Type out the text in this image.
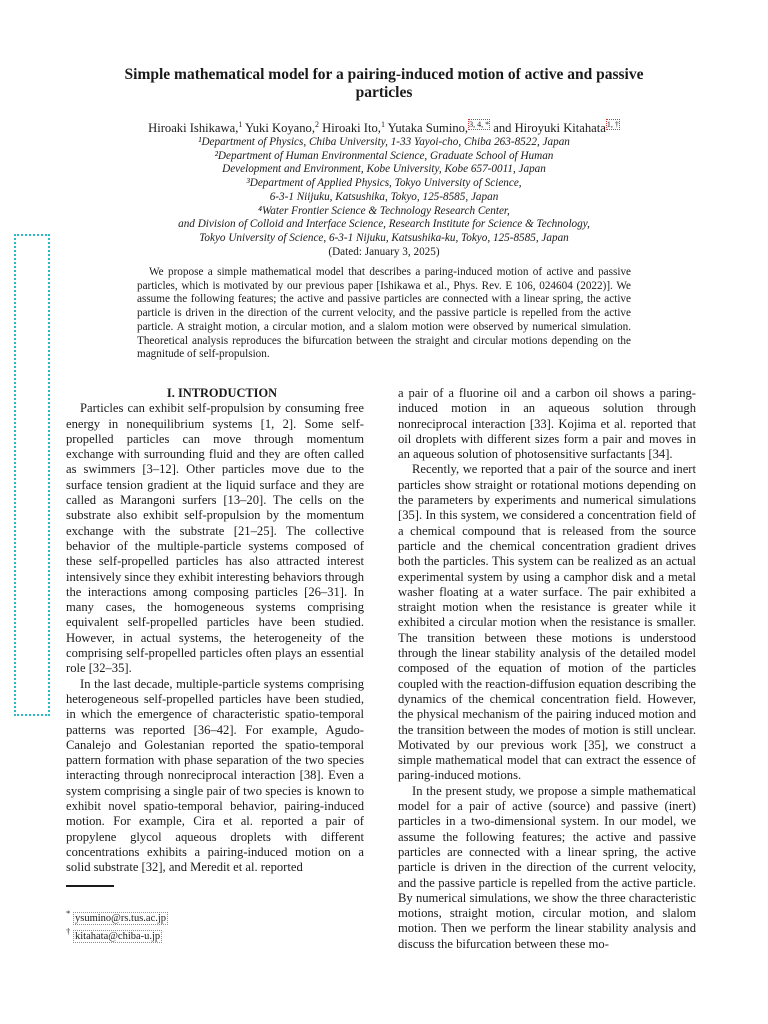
Simple mathematical model for a pairing-induced motion of active and passive
particles
Hiroaki Ishikawa,$^1$ Yuki Koyano,$^2$ Hiroaki Ito,$^1$ Yutaka Sumino,$^{3, 4, *}$ and Hiroyuki Kitahata$^{1, \dagger}$
¹Department of Physics, Chiba University, 1-33 Yayoi-cho, Chiba 263-8522, Japan
²Department of Human Environmental Science, Graduate School of Human
Development and Environment, Kobe University, Kobe 657-0011, Japan
³Department of Applied Physics, Tokyo University of Science,
6-3-1 Niijuku, Katsushika, Tokyo, 125-8585, Japan
⁴Water Frontier Science & Technology Research Center,
and Division of Colloid and Interface Science, Research Institute for Science & Technology,
Tokyo University of Science, 6-3-1 Nijuku, Katsushika-ku, Tokyo, 125-8585, Japan
(Dated: January 3, 2025)
We propose a simple mathematical model that describes a paring-induced motion of active and passive particles, which is motivated by our previous paper [Ishikawa et al., Phys. Rev. E 106, 024604 (2022)]. We assume the following features; the active and passive particles are connected with a linear spring, the active particle is driven in the direction of the current velocity, and the passive particle is repelled from the active particle. A straight motion, a circular motion, and a slalom motion were observed by numerical simulation. Theoretical analysis reproduces the bifurcation between the straight and circular motions depending on the magnitude of self-propulsion.

I. INTRODUCTION

Particles can exhibit self-propulsion by consuming free energy in nonequilibrium systems [1, 2]. Some self-propelled particles can move through momentum exchange with surrounding fluid and they are often called as swimmers [3–12]. Other particles move due to the surface tension gradient at the liquid surface and they are called as Marangoni surfers [13–20]. The cells on the substrate also exhibit self-propulsion by the momentum exchange with the substrate [21–25]. The collective behavior of the multiple-particle systems composed of these self-propelled particles has also attracted interest intensively since they exhibit interesting behaviors through the interactions among composing particles [26–31]. In many cases, the homogeneous systems comprising equivalent self-propelled particles have been studied. However, in actual systems, the heterogeneity of the comprising self-propelled particles often plays an essential role [32–35].

In the last decade, multiple-particle systems comprising heterogeneous self-propelled particles have been studied, in which the emergence of characteristic spatio-temporal patterns was reported [36–42]. For example, Agudo-Canalejo and Golestanian reported the spatio-temporal pattern formation with phase separation of the two species interacting through nonreciprocal interaction [38]. Even a system comprising a single pair of two species is known to exhibit novel spatio-temporal behavior, pairing-induced motion. For example, Cira et al. reported a pair of propylene glycol aqueous droplets with different concentrations exhibits a pairing-induced motion on a solid substrate [32], and Meredit et al. reported

a pair of a fluorine oil and a carbon oil shows a paring-induced motion in an aqueous solution through nonreciprocal interaction [33]. Kojima et al. reported that oil droplets with different sizes form a pair and moves in an aqueous solution of photosensitive surfactants [34].

Recently, we reported that a pair of the source and inert particles show straight or rotational motions depending on the parameters by experiments and numerical simulations [35]. In this system, we considered a concentration field of a chemical compound that is released from the source particle and the chemical concentration gradient drives both the particles. This system can be realized as an actual experimental system by using a camphor disk and a metal washer floating at a water surface. The pair exhibited a straight motion when the resistance is greater while it exhibited a circular motion when the resistance is smaller. The transition between these motions is understood through the linear stability analysis of the detailed model composed of the equation of motion of the particles coupled with the reaction-diffusion equation describing the dynamics of the chemical concentration field. However, the physical mechanism of the pairing induced motion and the transition between the modes of motion is still unclear. Motivated by our previous work [35], we construct a simple mathematical model that can extract the essence of paring-induced motions.

In the present study, we propose a simple mathematical model for a pair of active (source) and passive (inert) particles in a two-dimensional system. In our model, we assume the following features; the active and passive particles are connected with a linear spring, the active particle is driven in the direction of the current velocity, and the passive particle is repelled from the active particle. By numerical simulations, we show the three characteristic motions, straight motion, circular motion, and slalom motion. Then we perform the linear stability analysis and discuss the bifurcation between these mo-

* ysumino@rs.tus.ac.jp
† kitahata@chiba-u.jp
